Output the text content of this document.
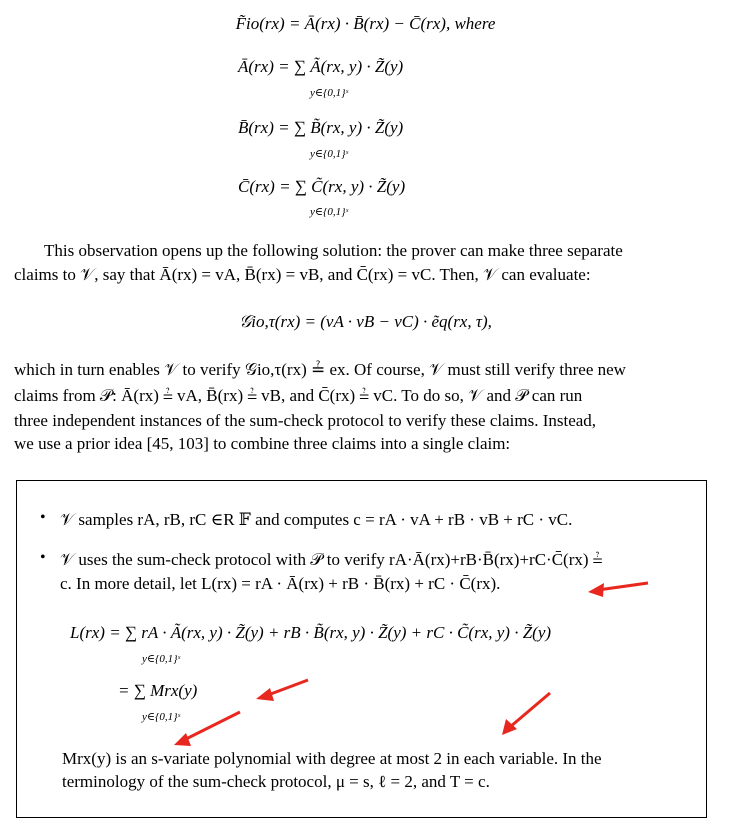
F̃io(rx) = Ā(rx) · B̄(rx) − C̄(rx), where
Ā(rx) = ∑ Ã(rx, y) · Z̃(y)
y∈{0,1}ˢ
B̄(rx) = ∑ B̃(rx, y) · Z̃(y)
y∈{0,1}ˢ
C̄(rx) = ∑ C̃(rx, y) · Z̃(y)
y∈{0,1}ˢ
This observation opens up the following solution: the prover can make three separate
claims to 𝒱, say that Ā(rx) = vA, B̄(rx) = vB, and C̄(rx) = vC. Then, 𝒱 can evaluate:
𝒢io,τ(rx) = (vA · vB − vC) · ẽq(rx, τ),
which in turn enables 𝒱 to verify 𝒢io,τ(rx) ≟ ex. Of course, 𝒱 must still verify three new
claims from 𝒫: Ā(rx) ≟ vA, B̄(rx) ≟ vB, and C̄(rx) ≟ vC. To do so, 𝒱 and 𝒫 can run
three independent instances of the sum-check protocol to verify these claims. Instead,
we use a prior idea [45, 103] to combine three claims into a single claim:
• 𝒱 samples rA, rB, rC ∈R 𝔽 and computes c = rA · vA + rB · vB + rC · vC.
• 𝒱 uses the sum-check protocol with 𝒫 to verify rA·Ā(rx)+rB·B̄(rx)+rC·C̄(rx) ≟
c. In more detail, let L(rx) = rA · Ā(rx) + rB · B̄(rx) + rC · C̄(rx).
L(rx) = ∑ rA · Ã(rx, y) · Z̃(y) + rB · B̃(rx, y) · Z̃(y) + rC · C̃(rx, y) · Z̃(y)
y∈{0,1}ˢ
= ∑ Mrx(y)
y∈{0,1}ˢ
Mrx(y) is an s-variate polynomial with degree at most 2 in each variable. In the
terminology of the sum-check protocol, μ = s, ℓ = 2, and T = c.
